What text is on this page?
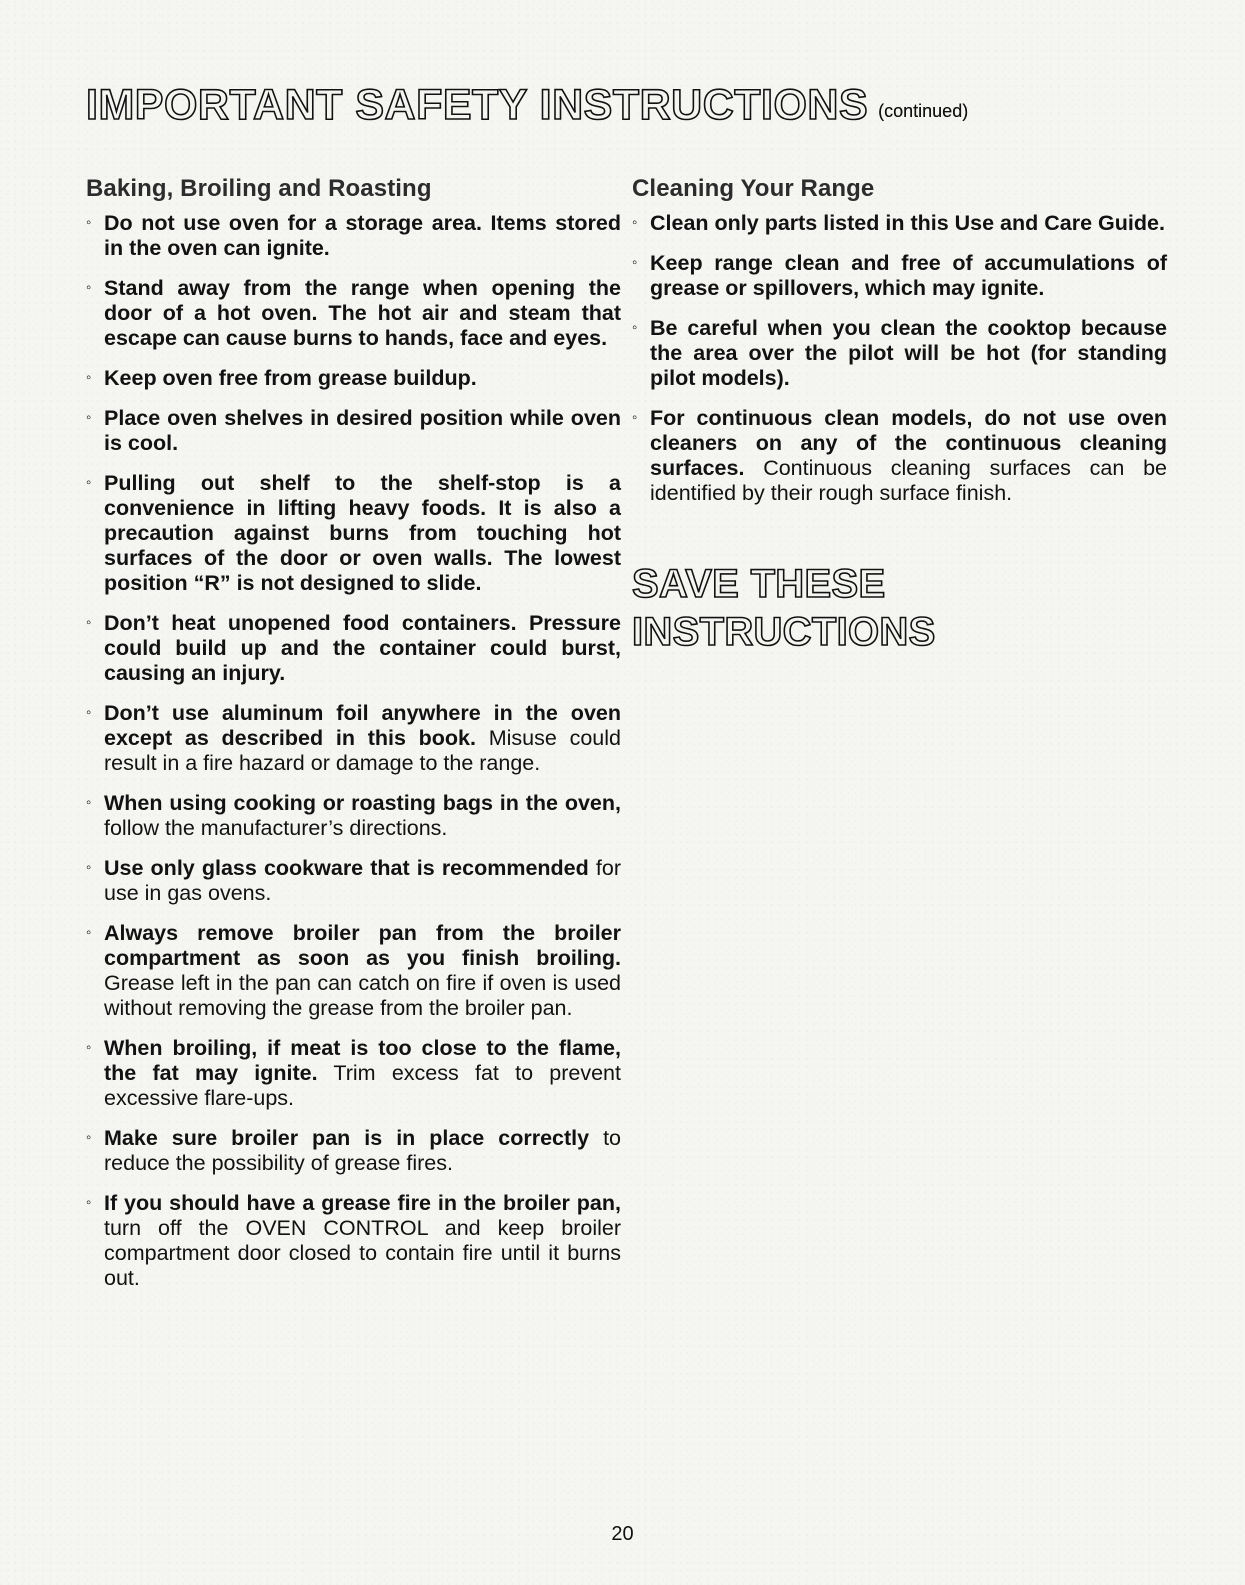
IMPORTANT SAFETY INSTRUCTIONS (continued)
Baking, Broiling and Roasting
◦ Do not use oven for a storage area. Items stored in the oven can ignite.
◦ Stand away from the range when opening the door of a hot oven. The hot air and steam that escape can cause burns to hands, face and eyes.
◦ Keep oven free from grease buildup.
◦ Place oven shelves in desired position while oven is cool.
◦ Pulling out shelf to the shelf-stop is a convenience in lifting heavy foods. It is also a precaution against burns from touching hot surfaces of the door or oven walls. The lowest position “R” is not designed to slide.
◦ Don’t heat unopened food containers. Pressure could build up and the container could burst, causing an injury.
◦ Don’t use aluminum foil anywhere in the oven except as described in this book. Misuse could result in a fire hazard or damage to the range.
◦ When using cooking or roasting bags in the oven, follow the manufacturer’s directions.
◦ Use only glass cookware that is recommended for use in gas ovens.
◦ Always remove broiler pan from the broiler compartment as soon as you finish broiling. Grease left in the pan can catch on fire if oven is used without removing the grease from the broiler pan.
◦ When broiling, if meat is too close to the flame, the fat may ignite. Trim excess fat to prevent excessive flare-ups.
◦ Make sure broiler pan is in place correctly to reduce the possibility of grease fires.
◦ If you should have a grease fire in the broiler pan, turn off the OVEN CONTROL and keep broiler compartment door closed to contain fire until it burns out.
Cleaning Your Range
◦ Clean only parts listed in this Use and Care Guide.
◦ Keep range clean and free of accumulations of grease or spillovers, which may ignite.
◦ Be careful when you clean the cooktop because the area over the pilot will be hot (for standing pilot models).
◦ For continuous clean models, do not use oven cleaners on any of the continuous cleaning surfaces. Continuous cleaning surfaces can be identified by their rough surface finish.
SAVE THESE
INSTRUCTIONS
20
